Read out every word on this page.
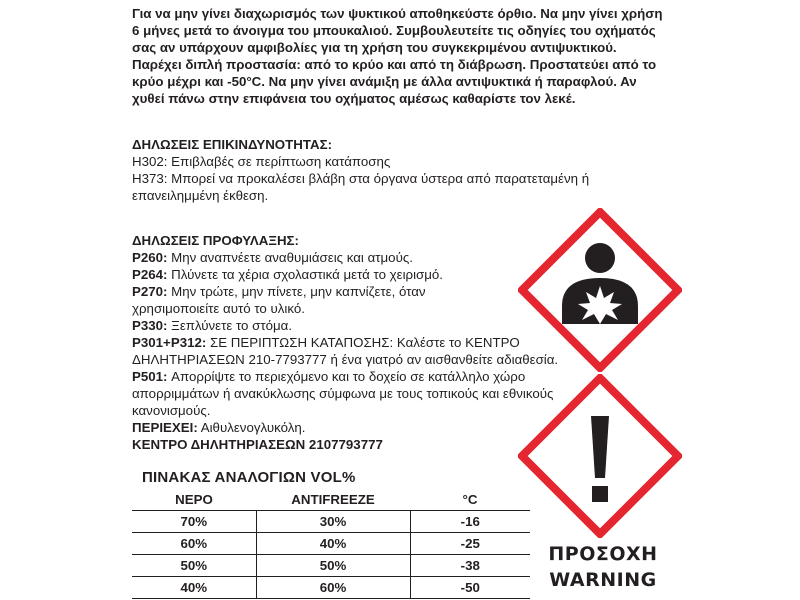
Για να μην γίνει διαχωρισμός των ψυκτικού αποθηκεύστε όρθιο. Να μην γίνει χρήση

6 μήνες μετά το άνοιγμα του μπουκαλιού. Συμβουλευτείτε τις οδηγίες του οχήματός

σας αν υπάρχουν αμφιβολίες για τη χρήση του συγκεκριμένου αντιψυκτικού.

Παρέχει διπλή προστασία: από το κρύο και από τη διάβρωση. Προστατεύει από το

κρύο μέχρι και -50°C. Να μην γίνει ανάμιξη με άλλα αντιψυκτικά ή παραφλού. Αν

χυθεί πάνω στην επιφάνεια του οχήματος αμέσως καθαρίστε τον λεκέ.

ΔΗΛΩΣΕΙΣ ΕΠΙΚΙΝΔΥΝΟΤΗΤΑΣ:
H302: Επιβλαβές σε περίπτωση κατάποσης
H373: Μπορεί να προκαλέσει βλάβη στα όργανα ύστερα από παρατεταμένη ή
επανειλημμένη έκθεση.
ΔΗΛΩΣΕΙΣ ΠΡΟΦΥΛΑΞΗΣ:
P260: Μην αναπνέετε αναθυμιάσεις και ατμούς.
P264: Πλύνετε τα χέρια σχολαστικά μετά το χειρισμό.
P270: Μην τρώτε, μην πίνετε, μην καπνίζετε, όταν
χρησιμοποιείτε αυτό το υλικό.
P330: Ξεπλύνετε το στόμα.
P301+P312: ΣΕ ΠΕΡΙΠΤΩΣΗ ΚΑΤΑΠΟΣΗΣ: Καλέστε το ΚΕΝΤΡΟ
ΔΗΛΗΤΗΡΙΑΣΕΩΝ 210-7793777 ή ένα γιατρό αν αισθανθείτε αδιαθεσία.
P501: Απορρίψτε το περιεχόμενο και το δοχείο σε κατάλληλο χώρο
απορριμμάτων ή ανακύκλωσης σύμφωνα με τους τοπικούς και εθνικούς
κανονισμούς.
ΠΕΡΙΕΧΕΙ: Αιθυλενογλυκόλη.
ΚΕΝΤΡΟ ΔΗΛΗΤΗΡΙΑΣΕΩΝ 2107793777
ΠΙΝΑΚΑΣ ΑΝΑΛΟΓΙΩΝ VOL%
ΝΕΡΟ	ANTIFREEZE	°C
70%	30%	-16
60%	40%	-25
50%	50%	-38
40%	60%	-50
ΠΡΟΣΟΧΗ
WARNING
